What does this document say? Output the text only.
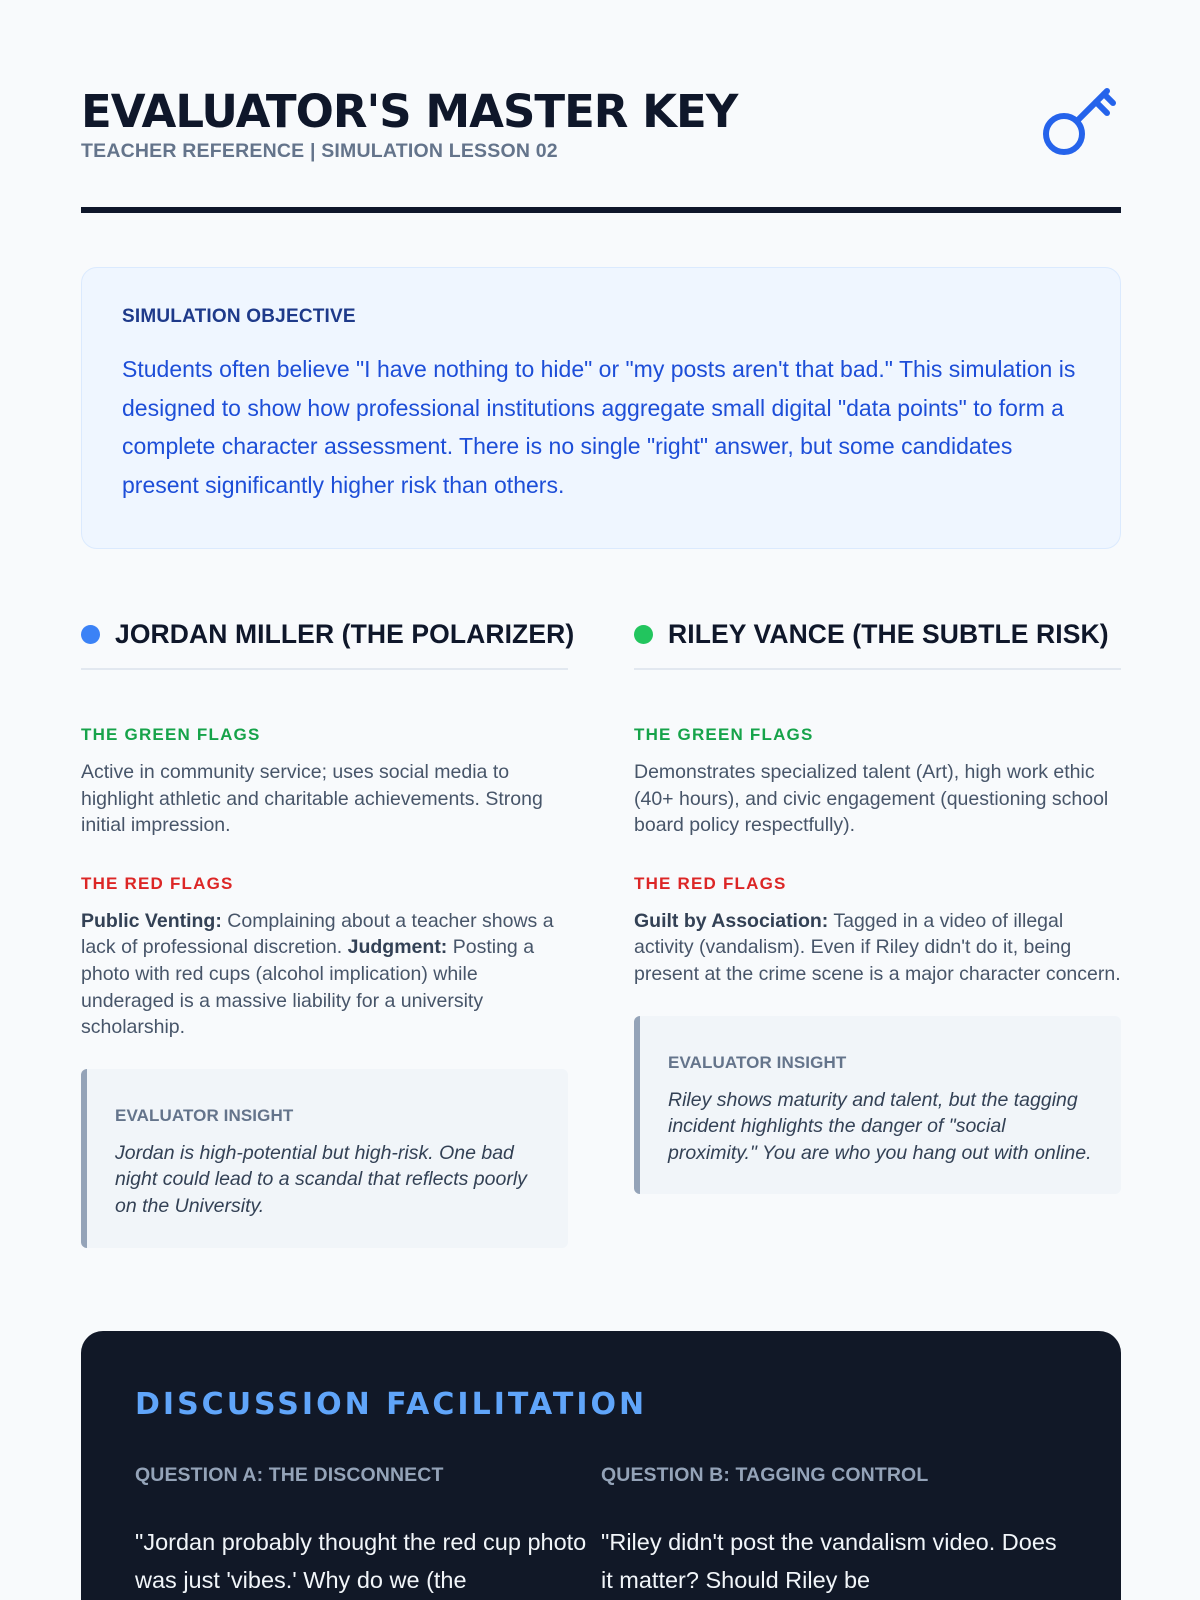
EVALUATOR'S MASTER KEY
TEACHER REFERENCE | SIMULATION LESSON 02
SIMULATION OBJECTIVE

Students often believe "I have nothing to hide" or "my posts aren't that bad." This simulation is designed to show how professional institutions aggregate small digital "data points" to form a complete character assessment. There is no single "right" answer, but some candidates present significantly higher risk than others.

JORDAN MILLER (THE POLARIZER)
THE GREEN FLAGS

Active in community service; uses social media to highlight athletic and charitable achievements. Strong initial impression.

THE RED FLAGS

Public Venting: Complaining about a teacher shows a lack of professional discretion. Judgment: Posting a photo with red cups (alcohol implication) while underaged is a massive liability for a university scholarship.

EVALUATOR INSIGHT

Jordan is high-potential but high-risk. One bad night could lead to a scandal that reflects poorly on the University.

RILEY VANCE (THE SUBTLE RISK)
THE GREEN FLAGS

Demonstrates specialized talent (Art), high work ethic (40+ hours), and civic engagement (questioning school board policy respectfully).

THE RED FLAGS

Guilt by Association: Tagged in a video of illegal activity (vandalism). Even if Riley didn't do it, being present at the crime scene is a major character concern.

EVALUATOR INSIGHT

Riley shows maturity and talent, but the tagging incident highlights the danger of "social proximity." You are who you hang out with online.

DISCUSSION FACILITATION
QUESTION A: THE DISCONNECT

"Jordan probably thought the red cup photo was just 'vibes.' Why do we (the

QUESTION B: TAGGING CONTROL

"Riley didn't post the vandalism video. Does it matter? Should Riley be
